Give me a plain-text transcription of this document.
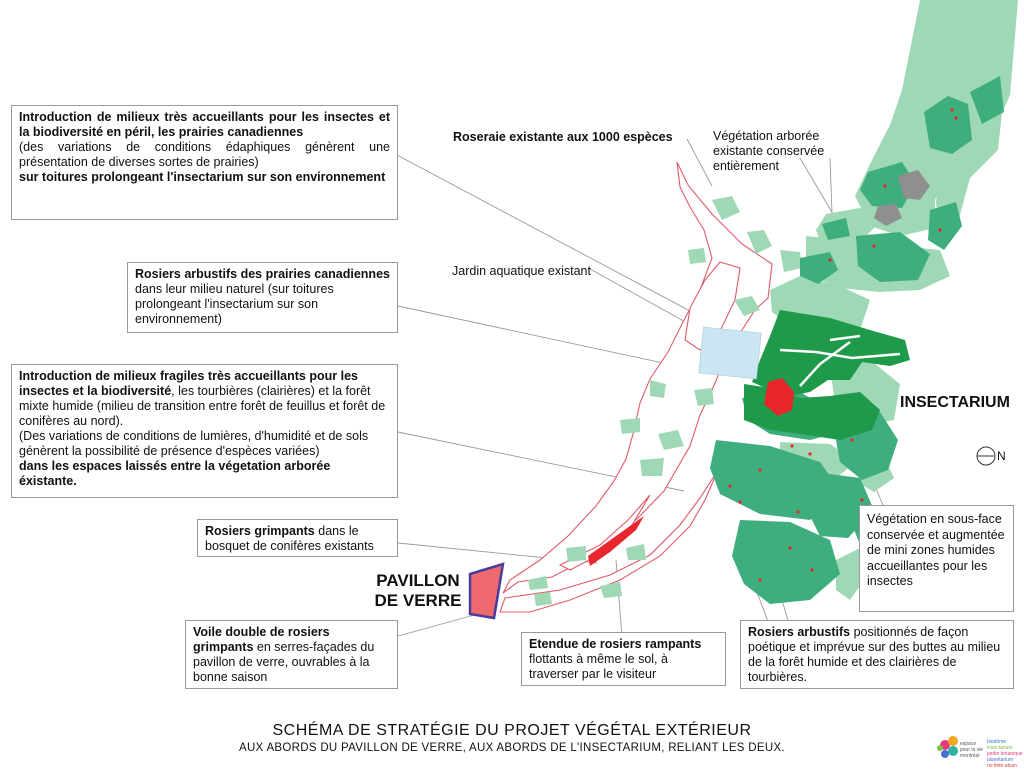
Introduction de milieux très accueillants pour les insectes et la biodiversité en péril, les prairies canadiennes
(des variations de conditions édaphiques génèrent une présentation de diverses sortes de prairies)
sur toitures prolongeant l'insectarium sur son environnement
Rosiers arbustifs des prairies canadiennes dans leur milieu naturel (sur toitures prolongeant l'insectarium sur son environnement)
Introduction de milieux fragiles très accueillants pour les insectes et la biodiversité, les tourbières (clairières) et la forêt mixte humide (milieu de transition entre forêt de feuillus et forêt de conifères au nord).
(Des variations de conditions de lumières, d'humidité et de sols génèrent la possibilité de présence d'espèces variées)
dans les espaces laissés entre la végetation arborée éxistante.
Rosiers grimpants dans le bosquet de conifères existants
Voile double de rosiers grimpants en serres-façades du pavillon de verre, ouvrables à la bonne saison
Etendue de rosiers rampants flottants à même le sol, à traverser par le visiteur
Rosiers arbustifs positionnés de façon poétique et imprévue sur des buttes au milieu de la forêt humide et des clairières de tourbières.
Végétation en sous-face conservée et augmentée de mini zones humides accueillantes pour les insectes
Roseraie existante aux 1000 espèces	Végétation arborée existante conservée entièrement
Jardin aquatique existant
INSECTARIUM
PAVILLON
DE VERRE
N
SCHÉMA DE STRATÉGIE DU PROJET VÉGÉTAL EXTÉRIEUR
AUX ABORDS DU PAVILLON DE VERRE, AUX ABORDS DE L'INSECTARIUM, RELIANT LES DEUX.	espace pour la vie montréal
biodôme
insectarium
jardin botanique
planétarium
rio tinto alcan
